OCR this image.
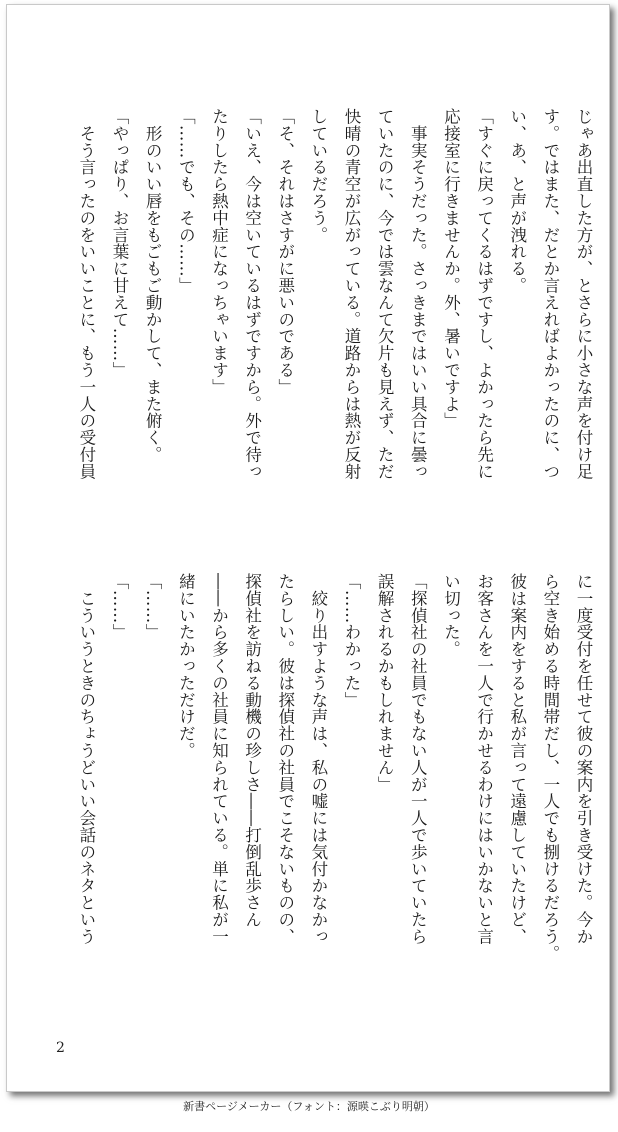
じゃあ出直した方が、とさらに小さな声を付け足

す。ではまた、だとか言えればよかったのに、つ

い、あ、と声が洩れる。

「すぐに戻ってくるはずですし、よかったら先に

応接室に行きませんか。外、暑いですよ」

　事実そうだった。さっきまではいい具合に曇っ

ていたのに、今では雲なんて欠片も見えず、ただ

快晴の青空が広がっている。道路からは熱が反射

しているだろう。

「そ、それはさすがに悪いのである」

「いえ、今は空いているはずですから。外で待っ

たりしたら熱中症になっちゃいます」

「……でも、その……」

　形のいい唇をもごもご動かして、また俯く。

「やっぱり、お言葉に甘えて……」

　そう言ったのをいいことに、もう一人の受付員

に一度受付を任せて彼の案内を引き受けた。今か

ら空き始める時間帯だし、一人でも捌けるだろう。

彼は案内をすると私が言って遠慮していたけど、

お客さんを一人で行かせるわけにはいかないと言

い切った。

「探偵社の社員でもない人が一人で歩いていたら

誤解されるかもしれません」

「……わかった」

　絞り出すような声は、私の嘘には気付かなかっ

たらしい。彼は探偵社の社員でこそないものの、

探偵社を訪ねる動機の珍しさ――打倒乱歩さん

――から多くの社員に知られている。単に私が一

緒にいたかっただけだ。

「……」

「……」

　こういうときのちょうどいい会話のネタという

2
新書ページメーカー（フォント：源暎こぶり明朝）
